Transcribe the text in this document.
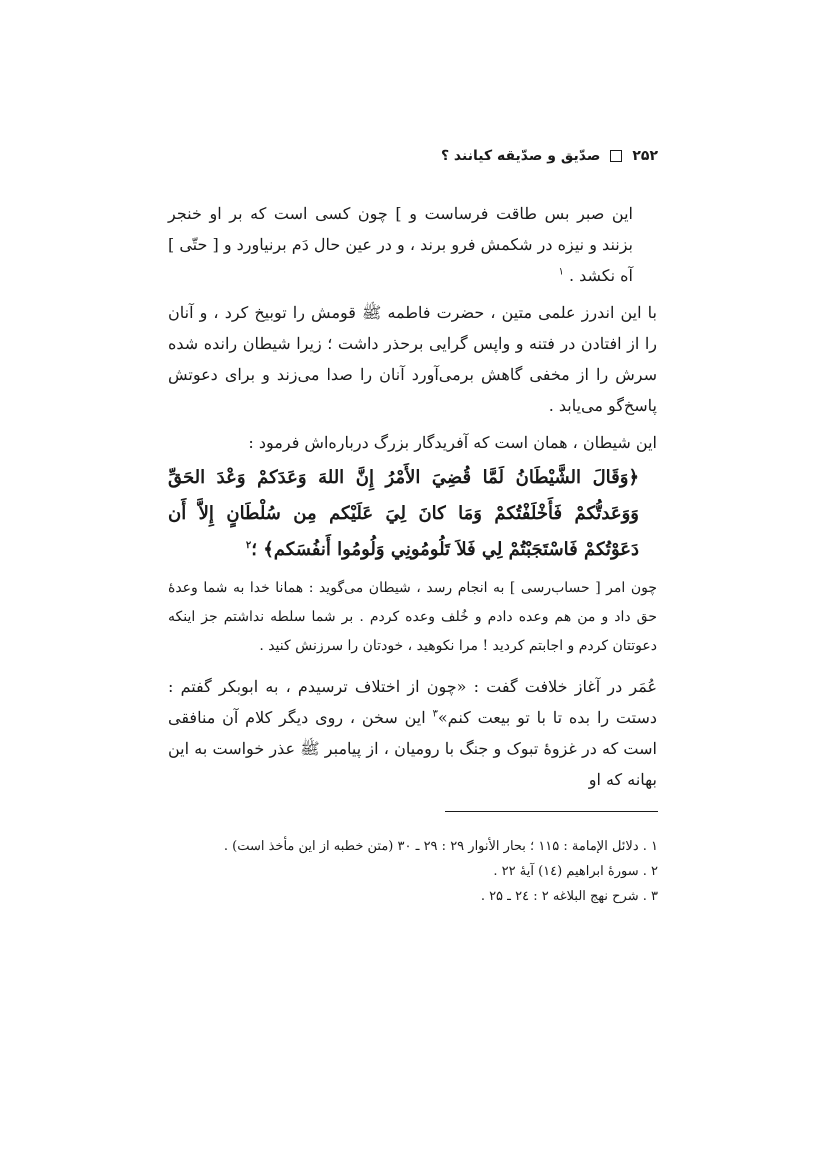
۲۵۲
صدّیق و صدّیقه کیانند ؟

این صبر بس طاقت فرساست و ] چون کسی است که بر او خنجر بزنند و نیزه در شکمش فرو برند ، و در عین حال دَم برنیاورد و [ حتّی ] آه نکشد . $^۱$

با این اندرز علمی متین ، حضرت فاطمه ﷺ قومش را توبیخ کرد ، و آنان را از افتادن در فتنه و واپس گرایی برحذر داشت ؛ زیرا شیطان رانده شده سرش را از مخفی گاهش برمی‌آورد آنان را صدا می‌زند و برای دعوتش پاسخ‌گو می‌یابد .

این شیطان ، همان است که آفریدگار بزرگ درباره‌اش فرمود :

﴿وَقَالَ الشَّيْطَانُ لَمَّا قُضِيَ الأَمْرُ إِنَّ اللهَ وَعَدَكمْ وَعْدَ الحَقِّ وَوَعَدتُّكمْ فَأَخْلَفْتُكمْ وَمَا كانَ لِيَ عَلَيْكم مِن سُلْطَانٍ إِلاَّ أَن دَعَوْتُكمْ فَاسْتَجَبْتُمْ لِي فَلاَ تَلُومُونِي وَلُومُوا أَنفُسَكم﴾ ؛$^۲$

چون امر [ حساب‌رسی ] به انجام رسد ، شیطان می‌گوید : همانا خدا به شما وعدهٔ حق داد و من هم وعده دادم و خُلف وعده کردم . بر شما سلطه نداشتم جز اینکه دعوتتان کردم و اجابتم کردید ! مرا نکوهید ، خودتان را سرزنش کنید .

عُمَر در آغاز خلافت گفت : «چون از اختلاف ترسیدم ، به ابوبکر گفتم : دستت را بده تا با تو بیعت کنم»$^۳$ این سخن ، روی دیگر کلام آن منافقی است که در غزوهٔ تبوک و جنگ با رومیان ، از پیامبر ﷺ عذر خواست به این بهانه که او

۱ . دلائل الإمامة : ۱۱۵ ؛ بحار الأنوار ۲۹ : ۲۹ ـ ۳۰ (متن خطبه از این مأخذ است) .

۲ . سورهٔ ابراهیم (۱٤) آیهٔ ۲۲ .

۳ . شرح نهج البلاغه ۲ : ۲٤ ـ ۲۵ .
